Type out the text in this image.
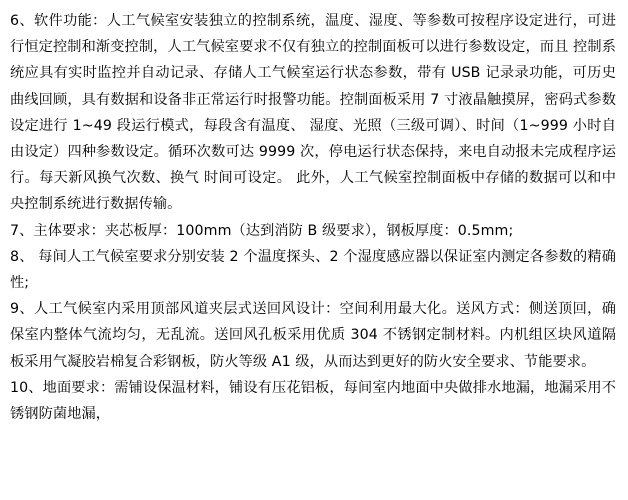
6、软件功能：人工气候室安装独立的控制系统，温度、湿度、等参数可按程序设定进行，可进行恒定控制和渐变控制，人工气候室要求不仅有独立的控制面板可以进行参数设定，而且 控制系统应具有实时监控并自动记录、存储人工气候室运行状态参数，带有 USB 记录录功能，可历史曲线回顾，具有数据和设备非正常运行时报警功能。控制面板采用 7 寸液晶触摸屏，密码式参数设定进行 1~49 段运行模式，每段含有温度、 湿度、光照（三级可调）、时间（1~999 小时自由设定）四种参数设定。循环次数可达 9999 次，停电运行状态保持，来电自动报未完成程序运行。每天新风换气次数、换气 时间可设定。 此外，人工气候室控制面板中存储的数据可以和中央控制系统进行数据传输。

7、主体要求：夹芯板厚：100mm（达到消防 B 级要求），钢板厚度：0.5mm;

8、 每间人工气候室要求分别安装 2 个温度探头、2 个湿度感应器以保证室内测定各参数的精确性;

9、人工气候室内采用顶部风道夹层式送回风设计：空间利用最大化。送风方式：侧送顶回，确保室内整体气流均匀，无乱流。送回风孔板采用优质 304 不锈钢定制材料。内机组区块风道隔板采用气凝胶岩棉复合彩钢板，防火等级 A1 级，从而达到更好的防火安全要求、节能要求。

10、地面要求：需铺设保温材料，铺设有压花铝板，每间室内地面中央做排水地漏，地漏采用不锈钢防菌地漏，
